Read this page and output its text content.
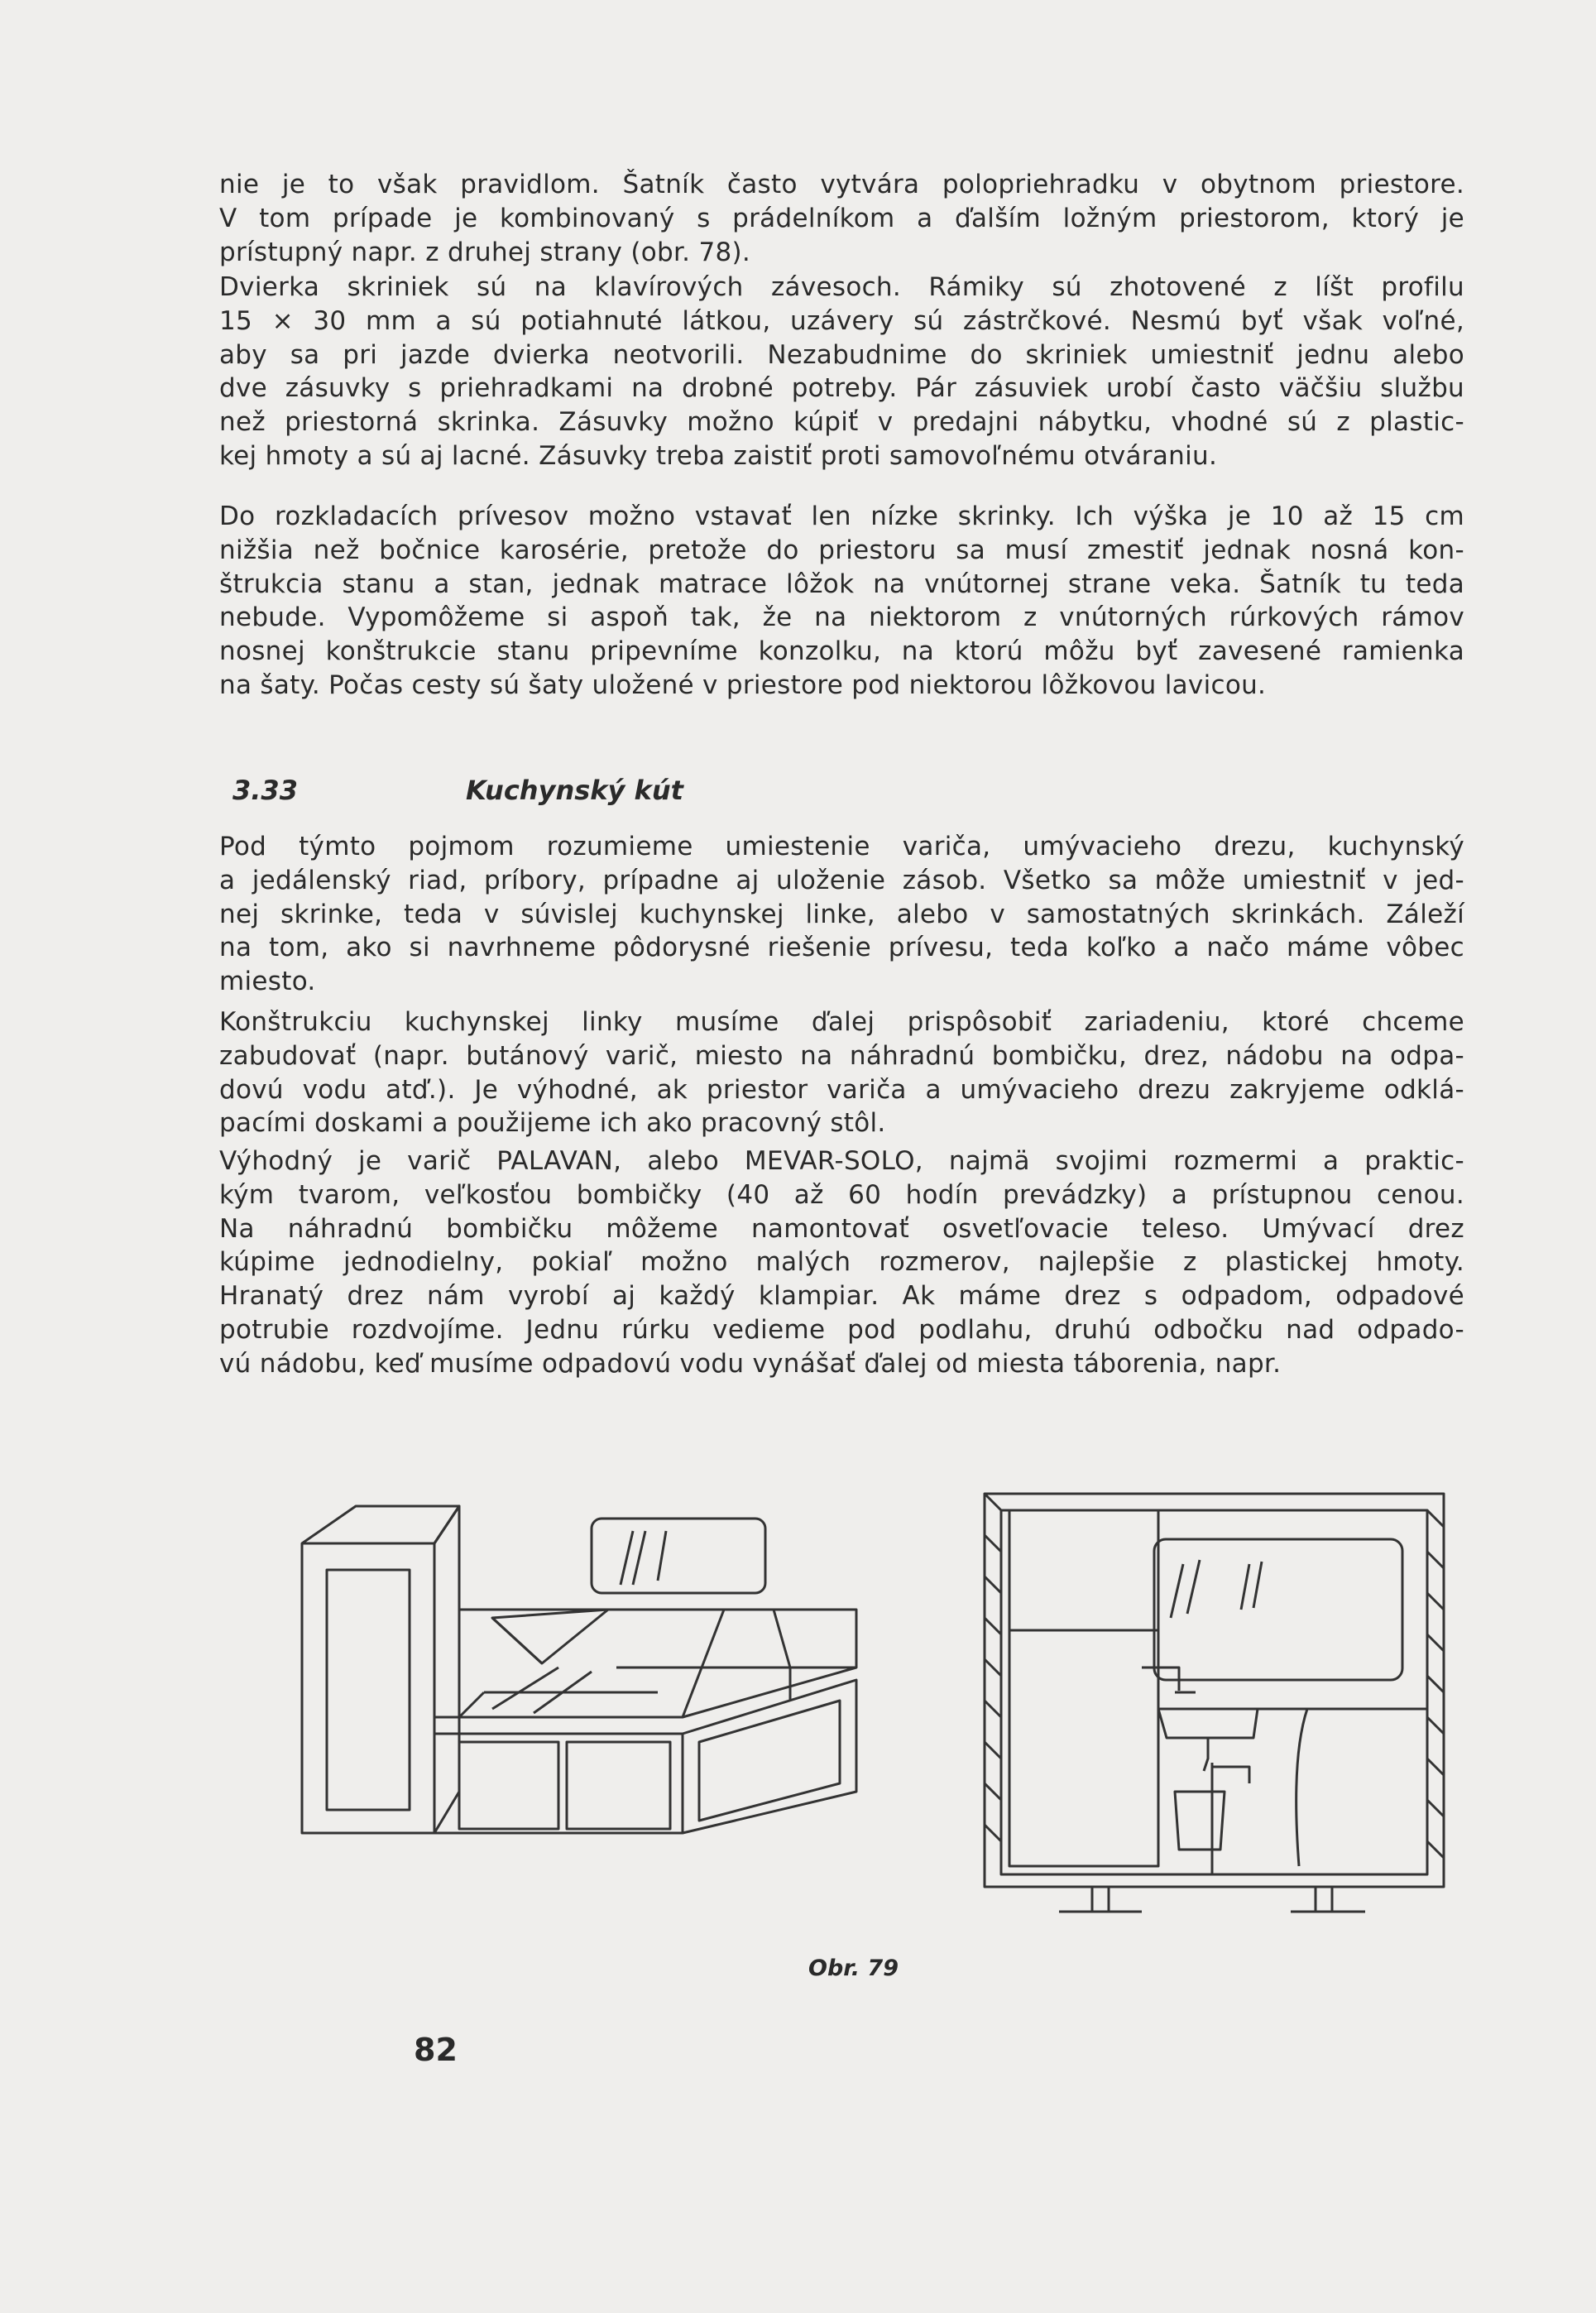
nie je to však pravidlom. Šatník často vytvára polopriehradku v obytnom priestore.
V tom prípade je kombinovaný s prádelníkom a ďalším ložným priestorom, ktorý je
prístupný napr. z druhej strany (obr. 78).
Dvierka skriniek sú na klavírových závesoch. Rámiky sú zhotovené z líšt profilu
15 × 30 mm a sú potiahnuté látkou, uzávery sú zástrčkové. Nesmú byť však voľné,
aby sa pri jazde dvierka neotvorili. Nezabudnime do skriniek umiestniť jednu alebo
dve zásuvky s priehradkami na drobné potreby. Pár zásuviek urobí často väčšiu službu
než priestorná skrinka. Zásuvky možno kúpiť v predajni nábytku, vhodné sú z plastic-
kej hmoty a sú aj lacné. Zásuvky treba zaistiť proti samovoľnému otváraniu.
Do rozkladacích prívesov možno vstavať len nízke skrinky. Ich výška je 10 až 15 cm
nižšia než bočnice karosérie, pretože do priestoru sa musí zmestiť jednak nosná kon-
štrukcia stanu a stan, jednak matrace lôžok na vnútornej strane veka. Šatník tu teda
nebude. Vypomôžeme si aspoň tak, že na niektorom z vnútorných rúrkových rámov
nosnej konštrukcie stanu pripevníme konzolku, na ktorú môžu byť zavesené ramienka
na šaty. Počas cesty sú šaty uložené v priestore pod niektorou lôžkovou lavicou.
3.33	Kuchynský kút
Pod týmto pojmom rozumieme umiestenie variča, umývacieho drezu, kuchynský
a jedálenský riad, príbory, prípadne aj uloženie zásob. Všetko sa môže umiestniť v jed-
nej skrinke, teda v súvislej kuchynskej linke, alebo v samostatných skrinkách. Záleží
na tom, ako si navrhneme pôdorysné riešenie prívesu, teda koľko a načo máme vôbec
miesto.
Konštrukciu kuchynskej linky musíme ďalej prispôsobiť zariadeniu, ktoré chceme
zabudovať (napr. butánový varič, miesto na náhradnú bombičku, drez, nádobu na odpa-
dovú vodu atď.). Je výhodné, ak priestor variča a umývacieho drezu zakryjeme odklá-
pacími doskami a použijeme ich ako pracovný stôl.
Výhodný je varič PALAVAN, alebo MEVAR-SOLO, najmä svojimi rozmermi a praktic-
kým tvarom, veľkosťou bombičky (40 až 60 hodín prevádzky) a prístupnou cenou.
Na náhradnú bombičku môžeme namontovať osvetľovacie teleso. Umývací drez
kúpime jednodielny, pokiaľ možno malých rozmerov, najlepšie z plastickej hmoty.
Hranatý drez nám vyrobí aj každý klampiar. Ak máme drez s odpadom, odpadové
potrubie rozdvojíme. Jednu rúrku vedieme pod podlahu, druhú odbočku nad odpado-
vú nádobu, keď musíme odpadovú vodu vynášať ďalej od miesta táborenia, napr.
Obr. 79
82
